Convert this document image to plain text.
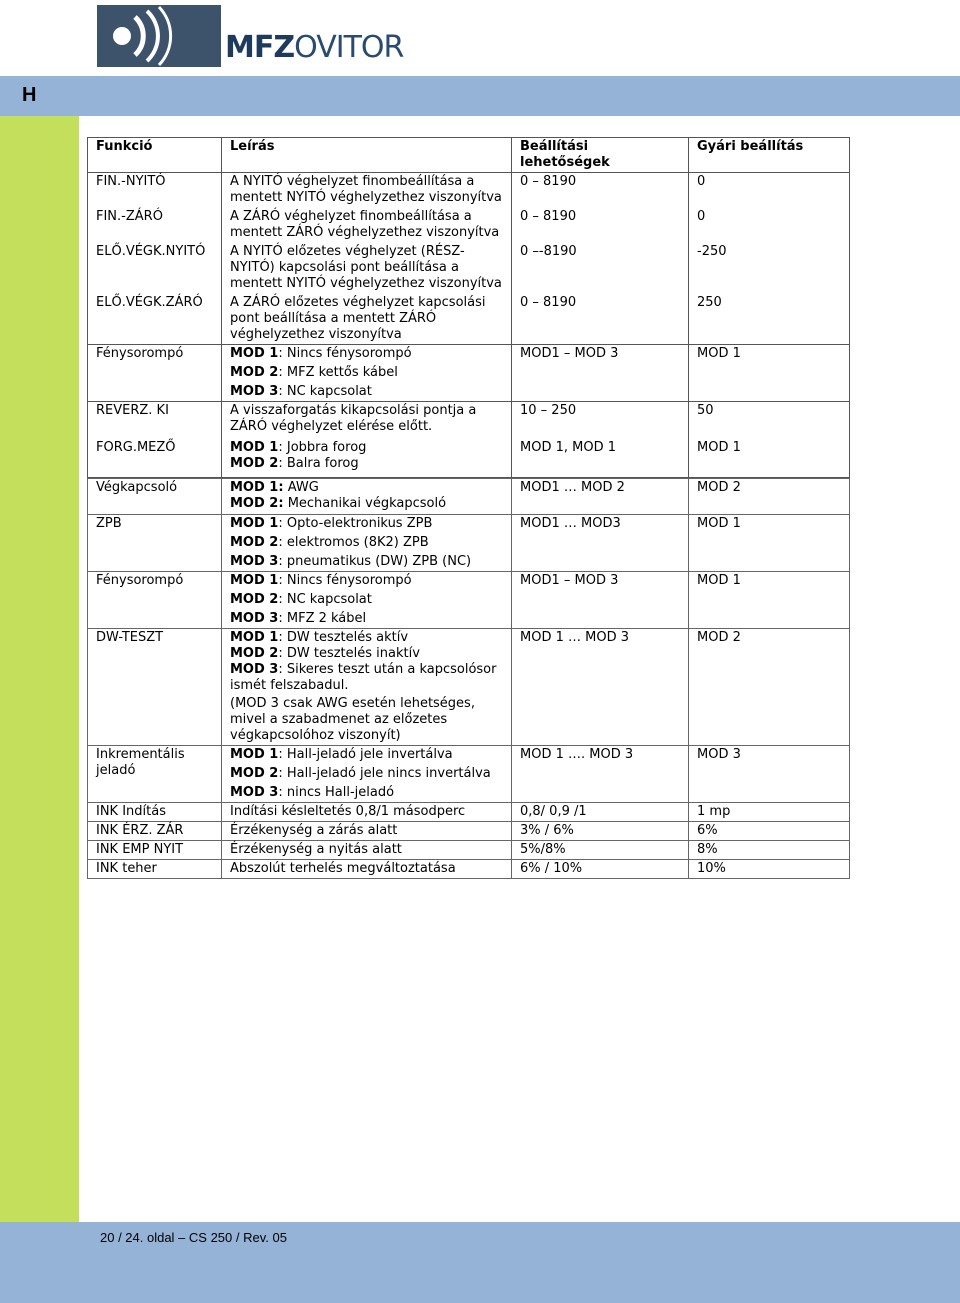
MFZOVITOR
H
Funkció	Leírás	Beállítási lehetőségek	Gyári beállítás
FIN.-NYITÓ	A NYITÓ véghelyzet finombeállítása a mentett NYITÓ véghelyzethez viszonyítva	0 – 8190	0
FIN.-ZÁRÓ	A ZÁRÓ véghelyzet finombeállítása a mentett ZÁRÓ véghelyzethez viszonyítva	0 – 8190	0
ELŐ.VÉGK.NYITÓ	A NYITÓ előzetes véghelyzet (RÉSZ-NYITÓ) kapcsolási pont beállítása a mentett NYITÓ véghelyzethez viszonyítva	0 –-8190	-250
ELŐ.VÉGK.ZÁRÓ	A ZÁRÓ előzetes véghelyzet kapcsolási pont beállítása a mentett ZÁRÓ véghelyzethez viszonyítva	0 – 8190	250
Fénysorompó	MOD 1: Nincs fénysorompó
MOD 2: MFZ kettős kábel
MOD 3: NC kapcsolat	MOD1 – MOD 3	MOD 1
REVERZ. KI	A visszaforgatás kikapcsolási pontja a ZÁRÓ véghelyzet elérése előtt.	10 – 250	50
FORG.MEZŐ	MOD 1: Jobbra forog
MOD 2: Balra forog	MOD 1, MOD 1	MOD 1
Végkapcsoló	MOD 1: AWG
MOD 2: Mechanikai végkapcsoló	MOD1 … MOD 2	MOD 2
ZPB	MOD 1: Opto-elektronikus ZPB
MOD 2: elektromos (8K2) ZPB
MOD 3: pneumatikus (DW) ZPB (NC)	MOD1 … MOD3	MOD 1
Fénysorompó	MOD 1: Nincs fénysorompó
MOD 2: NC kapcsolat
MOD 3: MFZ 2 kábel	MOD1 – MOD 3	MOD 1
DW-TESZT	MOD 1: DW tesztelés aktív
MOD 2: DW tesztelés inaktív
MOD 3: Sikeres teszt után a kapcsolósor ismét felszabadul.
(MOD 3 csak AWG esetén lehetséges, mivel a szabadmenet az előzetes végkapcsolóhoz viszonyít)	MOD 1 … MOD 3	MOD 2
Inkrementális jeladó	MOD 1: Hall-jeladó jele invertálva
MOD 2: Hall-jeladó jele nincs invertálva
MOD 3: nincs Hall-jeladó	MOD 1 …. MOD 3	MOD 3
INK Indítás	Indítási késleltetés 0,8/1 másodperc	0,8/ 0,9 /1	1 mp
INK ÉRZ. ZÁR	Érzékenység a zárás alatt	3% / 6%	6%
INK EMP NYIT	Érzékenység a nyitás alatt	5%/8%	8%
INK teher	Abszolút terhelés megváltoztatása	6% / 10%	10%
20 / 24. oldal – CS 250 / Rev. 05
